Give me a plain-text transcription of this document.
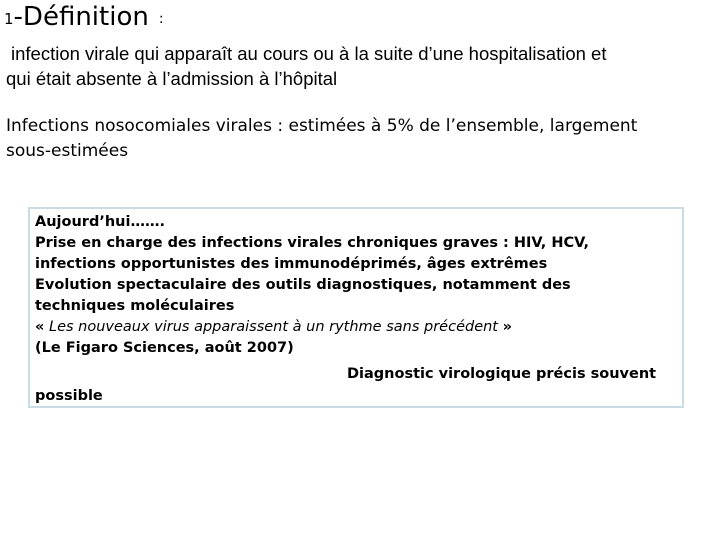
1-Définition :
infection virale qui apparaît au cours ou à la suite d’une hospitalisation et
qui était absente à l’admission à l’hôpital
Infections nosocomiales virales : estimées à 5% de l’ensemble, largement
sous-estimées
Aujourd’hui…….
Prise en charge des infections virales chroniques graves : HIV, HCV,
infections opportunistes des immunodéprimés, âges extrêmes
Evolution spectaculaire des outils diagnostiques, notamment des
techniques moléculaires
« Les nouveaux virus apparaissent à un rythme sans précédent »
(Le Figaro Sciences, août 2007)
Diagnostic virologique précis souvent
possible
